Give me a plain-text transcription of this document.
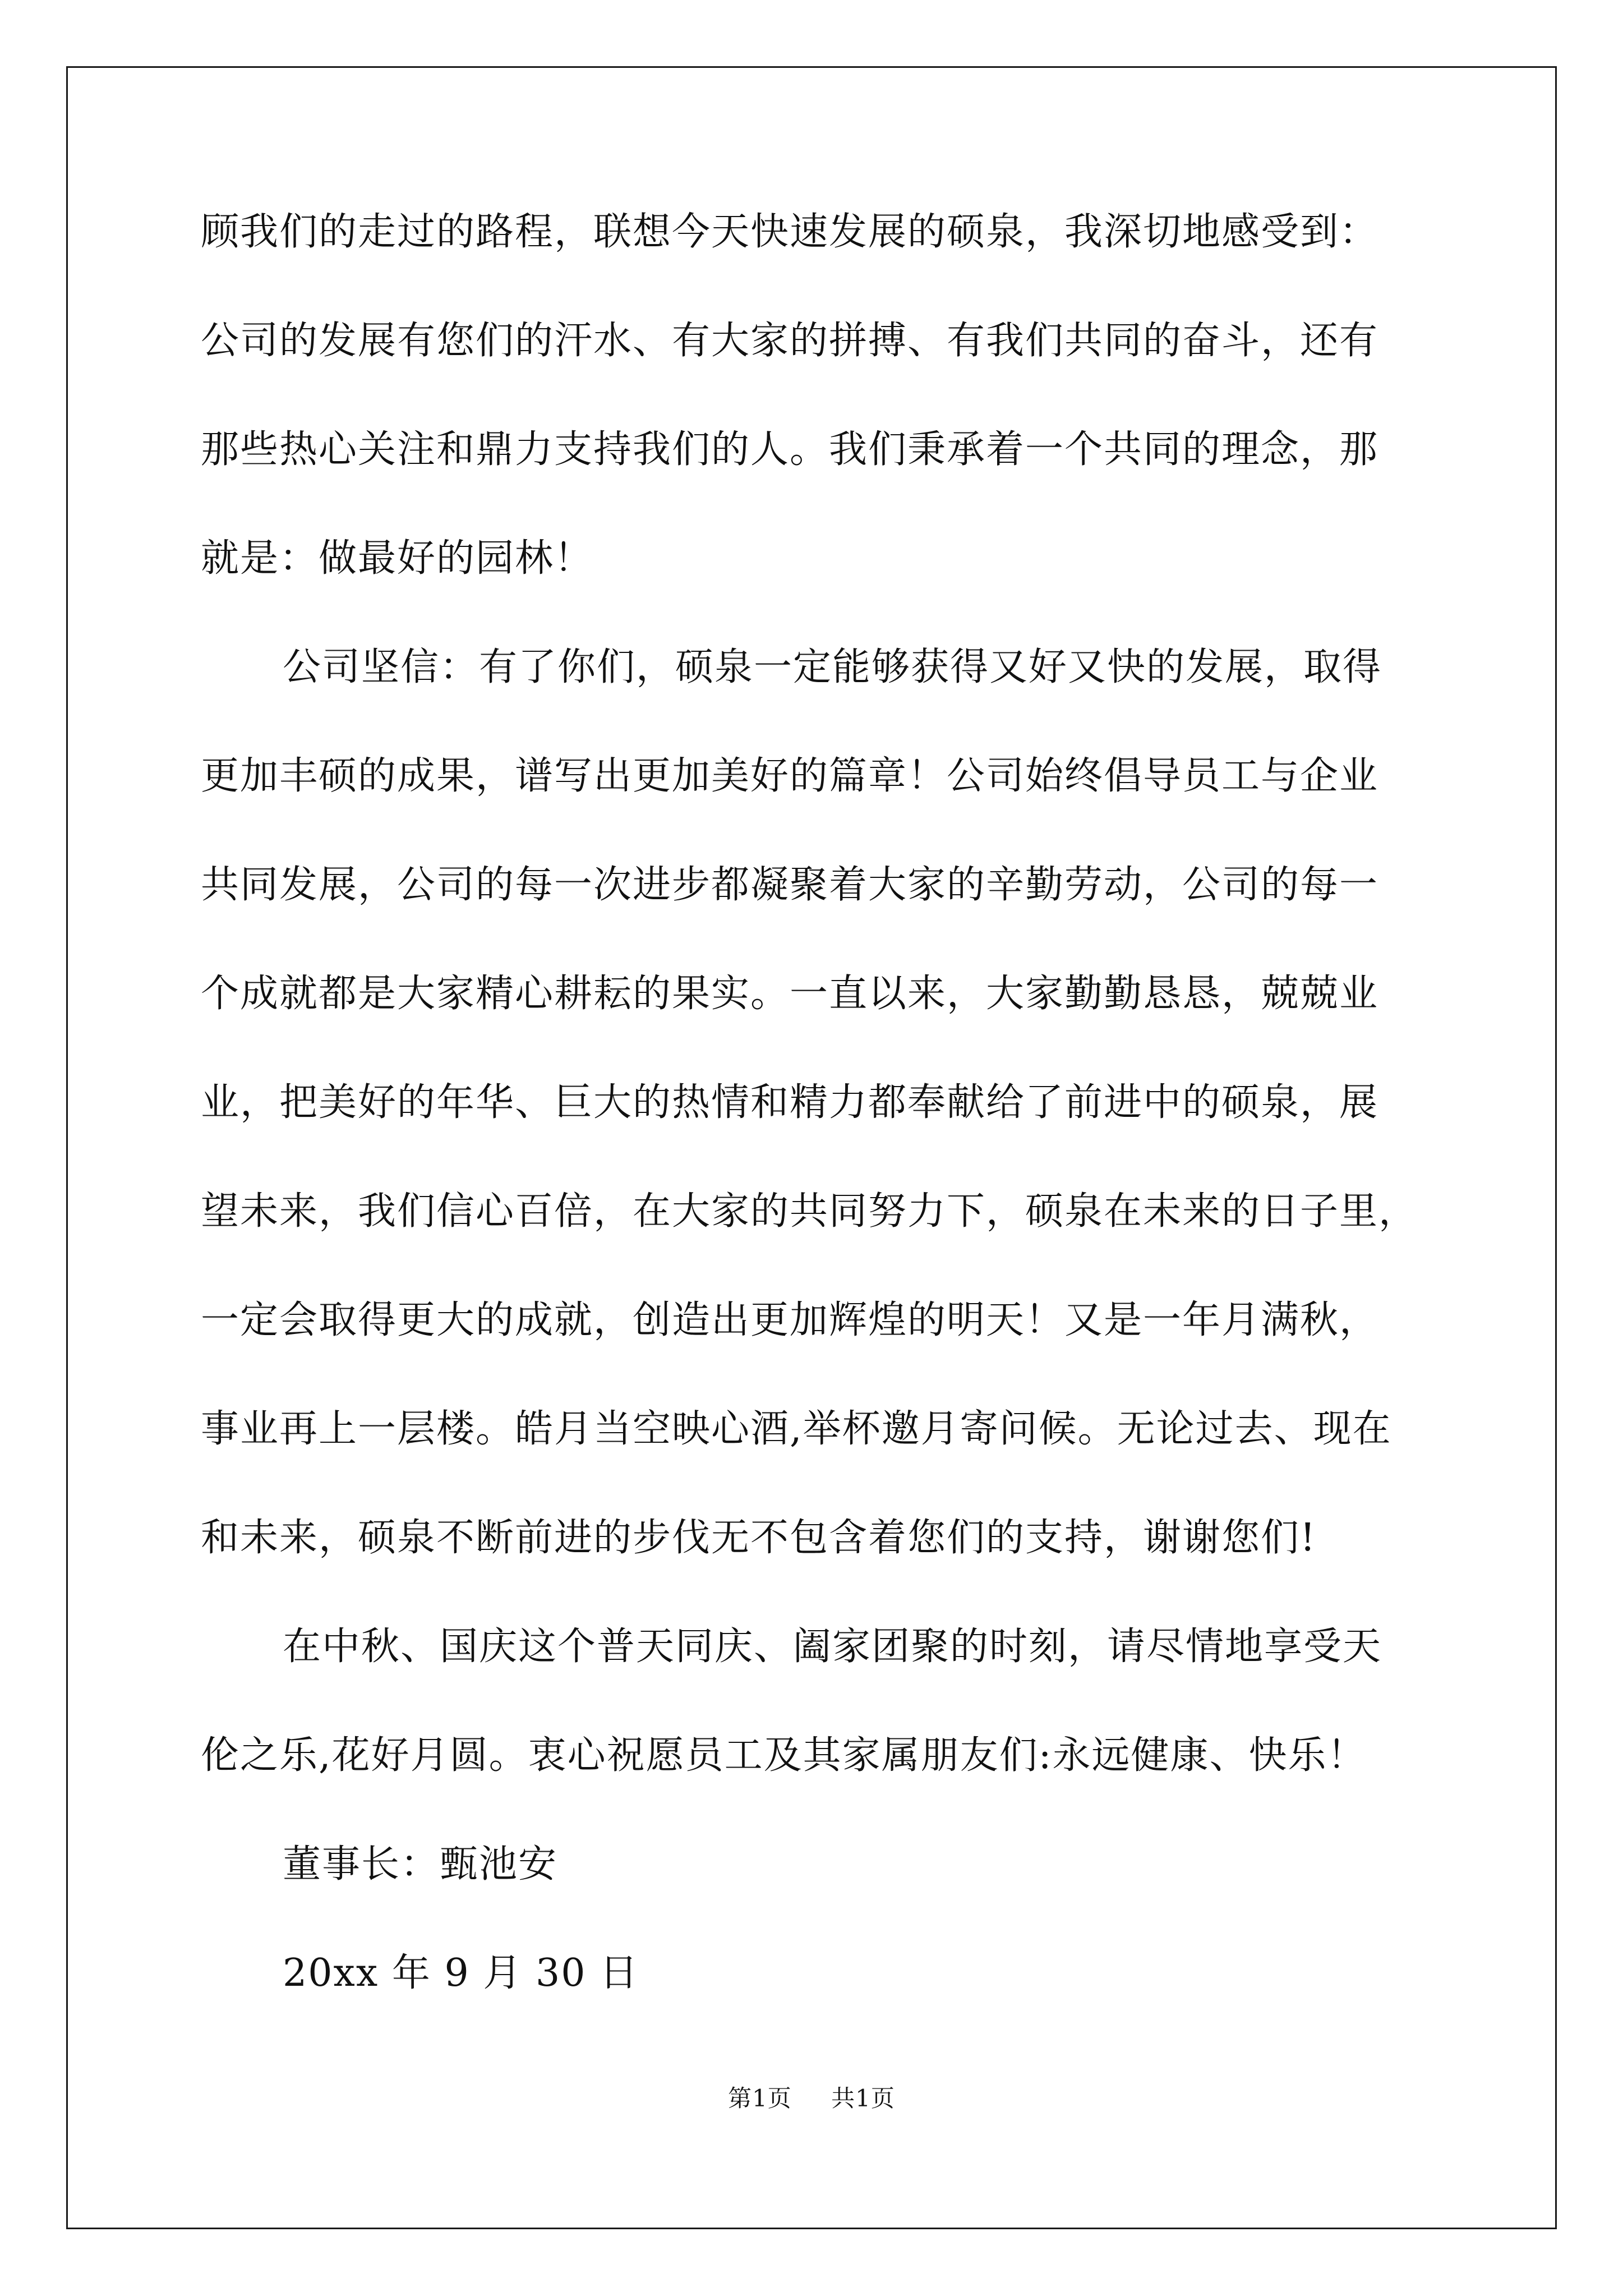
顾我们的走过的路程，联想今天快速发展的硕泉，我深切地感受到：
公司的发展有您们的汗水、有大家的拼搏、有我们共同的奋斗，还有
那些热心关注和鼎力支持我们的人。我们秉承着一个共同的理念，那
就是：做最好的园林！
公司坚信：有了你们，硕泉一定能够获得又好又快的发展，取得
更加丰硕的成果，谱写出更加美好的篇章！公司始终倡导员工与企业
共同发展，公司的每一次进步都凝聚着大家的辛勤劳动，公司的每一
个成就都是大家精心耕耘的果实。一直以来，大家勤勤恳恳，兢兢业
业，把美好的年华、巨大的热情和精力都奉献给了前进中的硕泉，展
望未来，我们信心百倍，在大家的共同努力下，硕泉在未来的日子里，
一定会取得更大的成就，创造出更加辉煌的明天！又是一年月满秋，
事业再上一层楼。皓月当空映心酒,举杯邀月寄问候。无论过去、现在
和未来，硕泉不断前进的步伐无不包含着您们的支持，谢谢您们!
在中秋、国庆这个普天同庆、阖家团聚的时刻，请尽情地享受天
伦之乐,花好月圆。衷心祝愿员工及其家属朋友们:永远健康、快乐！
董事长：甄池安
20xx 年 9 月 30 日
第1页 共1页
